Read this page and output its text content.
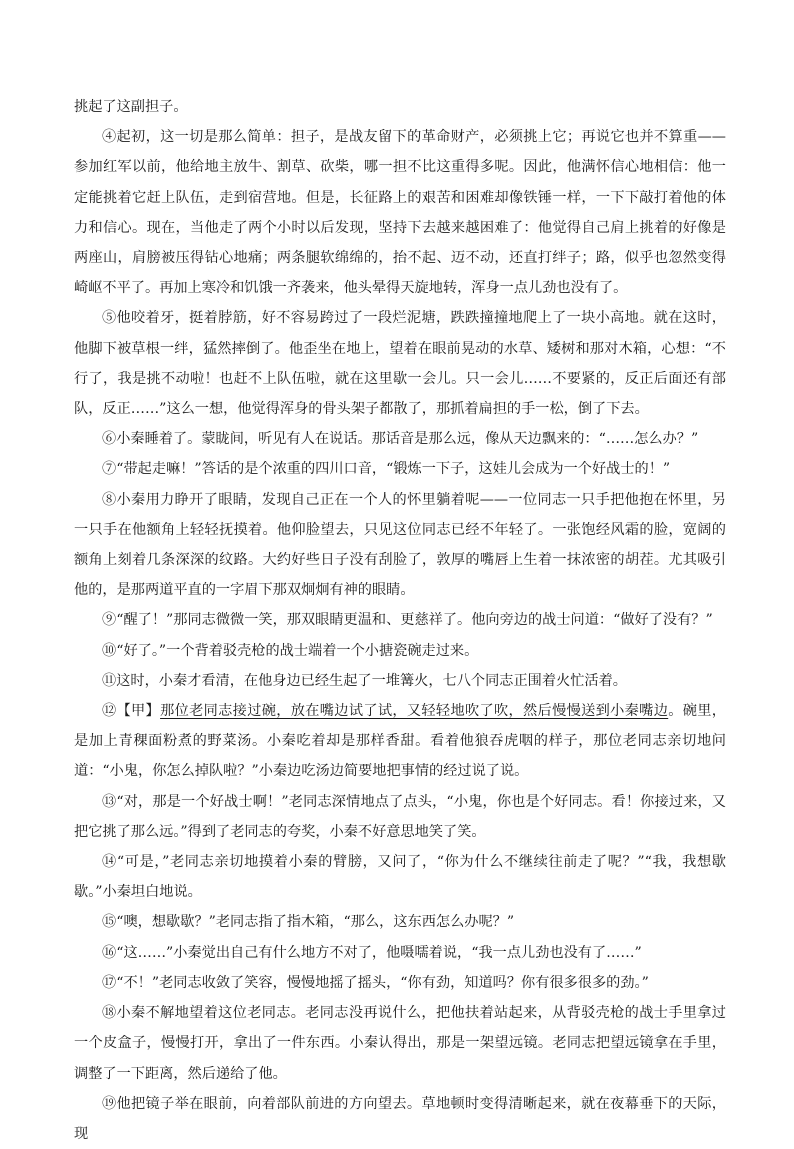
挑起了这副担子。

④起初，这一切是那么简单：担子，是战友留下的革命财产，必须挑上它；再说它也并不算重——参加红军以前，他给地主放牛、割草、砍柴，哪一担不比这重得多呢。因此，他满怀信心地相信：他一定能挑着它赶上队伍，走到宿营地。但是，长征路上的艰苦和困难却像铁锤一样，一下下敲打着他的体力和信心。现在，当他走了两个小时以后发现，坚持下去越来越困难了：他觉得自己肩上挑着的好像是两座山，肩膀被压得钻心地痛；两条腿软绵绵的，抬不起、迈不动，还直打绊子；路，似乎也忽然变得崎岖不平了。再加上寒冷和饥饿一齐袭来，他头晕得天旋地转，浑身一点儿劲也没有了。

⑤他咬着牙，挺着脖筋，好不容易跨过了一段烂泥塘，跌跌撞撞地爬上了一块小高地。就在这时，他脚下被草根一绊，猛然摔倒了。他歪坐在地上，望着在眼前晃动的水草、矮树和那对木箱，心想：“不行了，我是挑不动啦！也赶不上队伍啦，就在这里歇一会儿。只一会儿……不要紧的，反正后面还有部队，反正……”这么一想，他觉得浑身的骨头架子都散了，那抓着扁担的手一松，倒了下去。

⑥小秦睡着了。蒙眬间，听见有人在说话。那话音是那么远，像从天边飘来的：“……怎么办？”

⑦“带起走嘛！”答话的是个浓重的四川口音，“锻炼一下子，这娃儿会成为一个好战士的！”

⑧小秦用力睁开了眼睛，发现自己正在一个人的怀里躺着呢——一位同志一只手把他抱在怀里，另一只手在他额角上轻轻抚摸着。他仰脸望去，只见这位同志已经不年轻了。一张饱经风霜的脸，宽阔的额角上刻着几条深深的纹路。大约好些日子没有刮脸了，敦厚的嘴唇上生着一抹浓密的胡茬。尤其吸引他的，是那两道平直的一字眉下那双炯炯有神的眼睛。

⑨“醒了！”那同志微微一笑，那双眼睛更温和、更慈祥了。他向旁边的战士问道：“做好了没有？”

⑩“好了。”一个背着驳壳枪的战士端着一个小搪瓷碗走过来。

⑪这时，小秦才看清，在他身边已经生起了一堆篝火，七八个同志正围着火忙活着。

⑫【甲】那位老同志接过碗，放在嘴边试了试，又轻轻地吹了吹，然后慢慢送到小秦嘴边。碗里，是加上青稞面粉煮的野菜汤。小秦吃着却是那样香甜。看着他狼吞虎咽的样子，那位老同志亲切地问道：“小鬼，你怎么掉队啦？”小秦边吃汤边简要地把事情的经过说了说。

⑬“对，那是一个好战士啊！”老同志深情地点了点头，“小鬼，你也是个好同志。看！你接过来，又把它挑了那么远。”得到了老同志的夸奖，小秦不好意思地笑了笑。

⑭“可是，”老同志亲切地摸着小秦的臂膀，又问了，“你为什么不继续往前走了呢？”“我，我想歇歇。”小秦坦白地说。

⑮“噢，想歇歇？”老同志指了指木箱，“那么，这东西怎么办呢？”

⑯“这……”小秦觉出自己有什么地方不对了，他嗫嚅着说，“我一点儿劲也没有了……”

⑰“不！”老同志收敛了笑容，慢慢地摇了摇头，“你有劲，知道吗？你有很多很多的劲。”

⑱小秦不解地望着这位老同志。老同志没再说什么，把他扶着站起来，从背驳壳枪的战士手里拿过一个皮盒子，慢慢打开，拿出了一件东西。小秦认得出，那是一架望远镜。老同志把望远镜拿在手里，调整了一下距离，然后递给了他。

⑲他把镜子举在眼前，向着部队前进的方向望去。草地顿时变得清晰起来，就在夜幕垂下的天际，现
